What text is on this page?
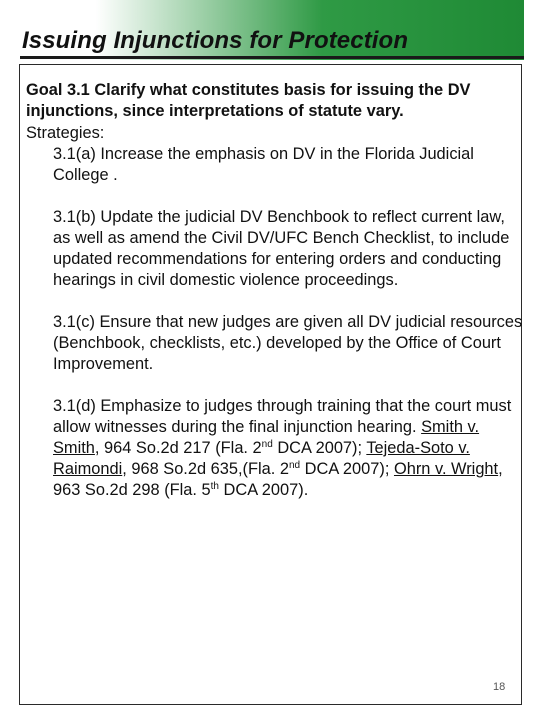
Issuing Injunctions for Protection
Goal 3.1 Clarify what constitutes basis for issuing the DV injunctions, since interpretations of statute vary.
Strategies:
3.1(a) Increase the emphasis on DV in the Florida Judicial College .
3.1(b) Update the judicial DV Benchbook to reflect current law, as well as amend the Civil DV/UFC Bench Checklist, to include updated recommendations for entering orders and conducting hearings in civil domestic violence proceedings.
3.1(c) Ensure that new judges are given all DV judicial resources (Benchbook, checklists, etc.) developed by the Office of Court Improvement.
3.1(d) Emphasize to judges through training that the court must allow witnesses during the final injunction hearing. Smith v. Smith, 964 So.2d 217 (Fla. 2nd DCA 2007); Tejeda-Soto v. Raimondi, 968 So.2d 635,(Fla. 2nd DCA 2007); Ohrn v. Wright, 963 So.2d 298 (Fla. 5th DCA 2007).
18
